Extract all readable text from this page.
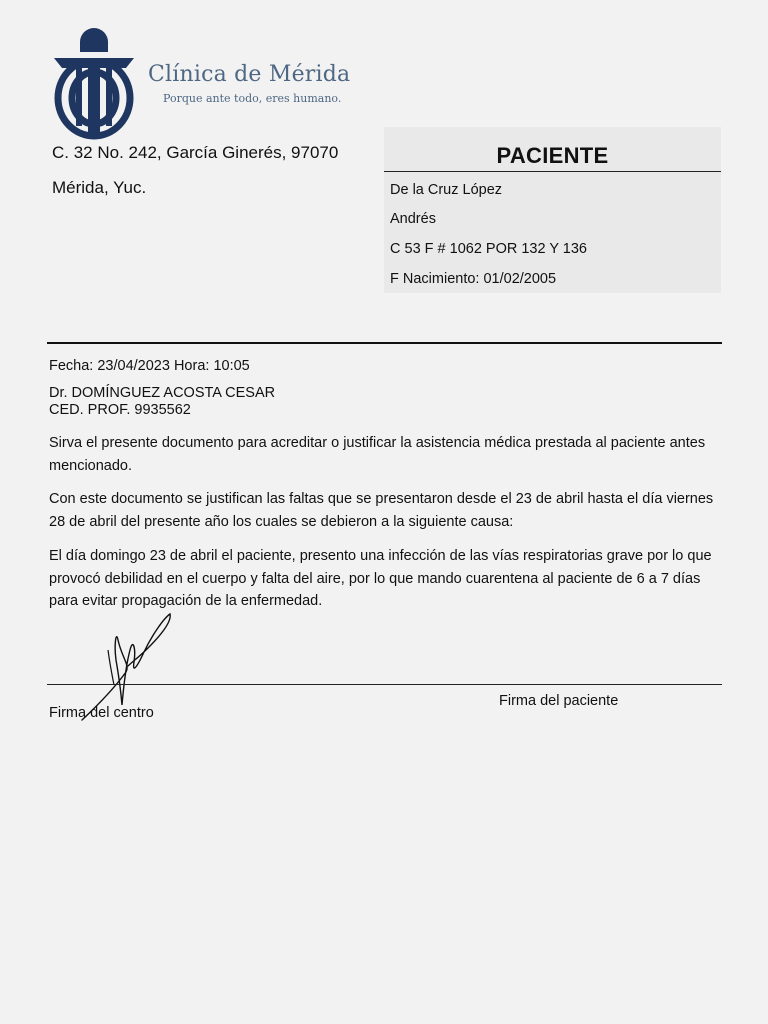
Clínica de Mérida
Porque ante todo, eres humano.
C. 32 No. 242, García Ginerés, 97070
Mérida, Yuc.
PACIENTE
De la Cruz López
Andrés
C 53 F # 1062 POR 132 Y 136
F Nacimiento: 01/02/2005
Fecha: 23/04/2023 Hora: 10:05
Dr. DOMÍNGUEZ ACOSTA CESAR
CED. PROF. 9935562

Sirva el presente documento para acreditar o justificar la asistencia médica prestada al paciente antes mencionado.

Con este documento se justifican las faltas que se presentaron desde el 23 de abril hasta el día viernes 28 de abril del presente año los cuales se debieron a la siguiente causa:

El día domingo 23 de abril el paciente, presento una infección de las vías respiratorias grave por lo que provocó debilidad en el cuerpo y falta del aire, por lo que mando cuarentena al paciente de 6 a 7 días para evitar propagación de la enfermedad.

Firma del centro
Firma del paciente
